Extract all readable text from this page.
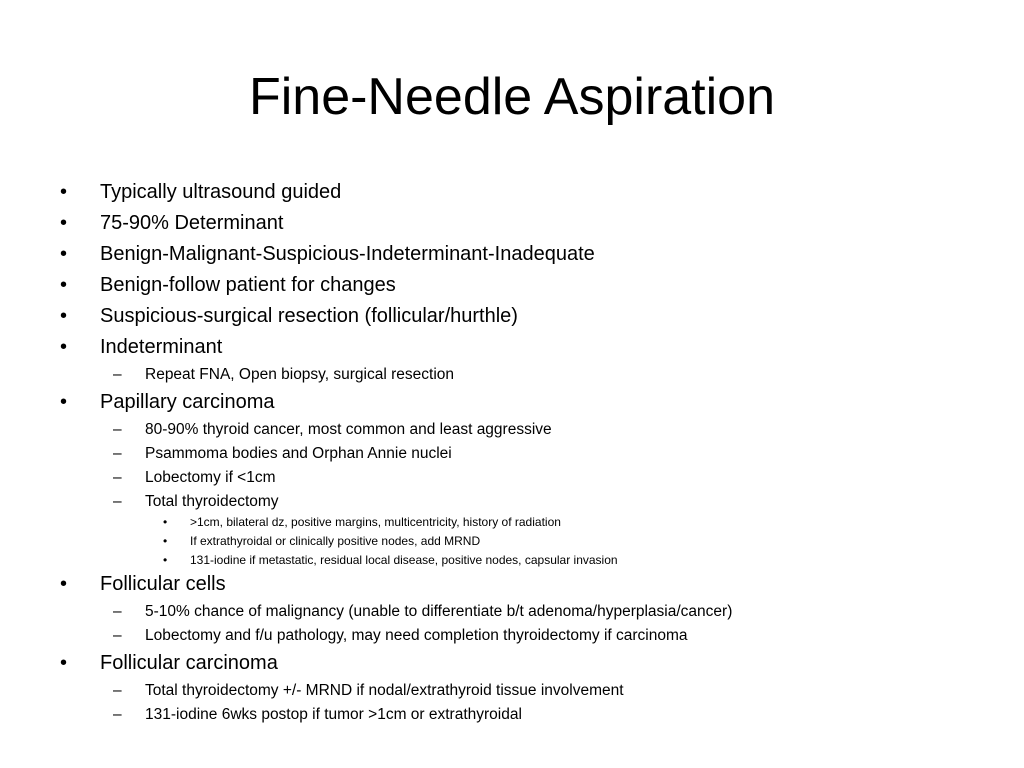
Fine-Needle Aspiration
• Typically ultrasound guided
• 75-90% Determinant
• Benign-Malignant-Suspicious-Indeterminant-Inadequate
• Benign-follow patient for changes
• Suspicious-surgical resection (follicular/hurthle)
• Indeterminant
– Repeat FNA, Open biopsy, surgical resection
• Papillary carcinoma
– 80-90% thyroid cancer, most common and least aggressive
– Psammoma bodies and Orphan Annie nuclei
– Lobectomy if <1cm
– Total thyroidectomy
• >1cm, bilateral dz, positive margins, multicentricity, history of radiation
• If extrathyroidal or clinically positive nodes, add MRND
• 131-iodine if metastatic, residual local disease, positive nodes, capsular invasion
• Follicular cells
– 5-10% chance of malignancy (unable to differentiate b/t adenoma/hyperplasia/cancer)
– Lobectomy and f/u pathology, may need completion thyroidectomy if carcinoma
• Follicular carcinoma
– Total thyroidectomy +/- MRND if nodal/extrathyroid tissue involvement
– 131-iodine 6wks postop if tumor >1cm or extrathyroidal
